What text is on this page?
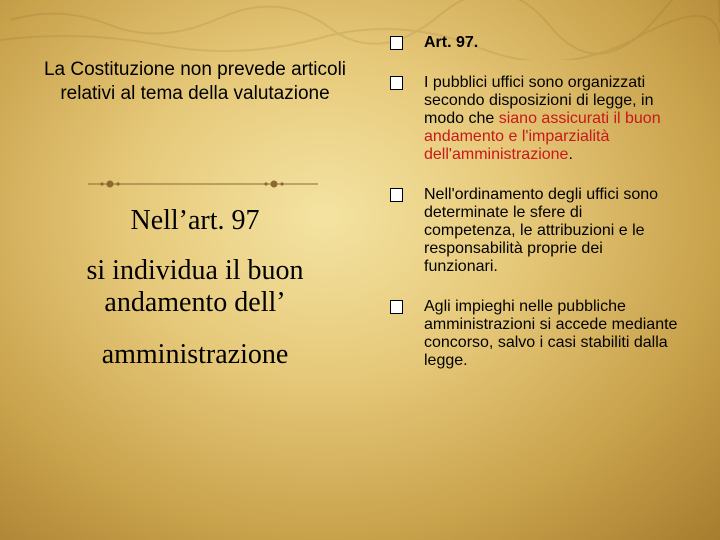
La Costituzione non prevede articoli relativi al tema della valutazione
Nell’art. 97
si individua il buon andamento dell’
amministrazione
Art. 97.
I pubblici uffici sono organizzati secondo disposizioni di legge, in modo che siano assicurati il buon andamento e l'imparzialità dell'amministrazione.
Nell'ordinamento degli uffici sono determinate le sfere di competenza, le attribuzioni e le responsabilità proprie dei funzionari.
Agli impieghi nelle pubbliche amministrazioni si accede mediante concorso, salvo i casi stabiliti dalla legge.
